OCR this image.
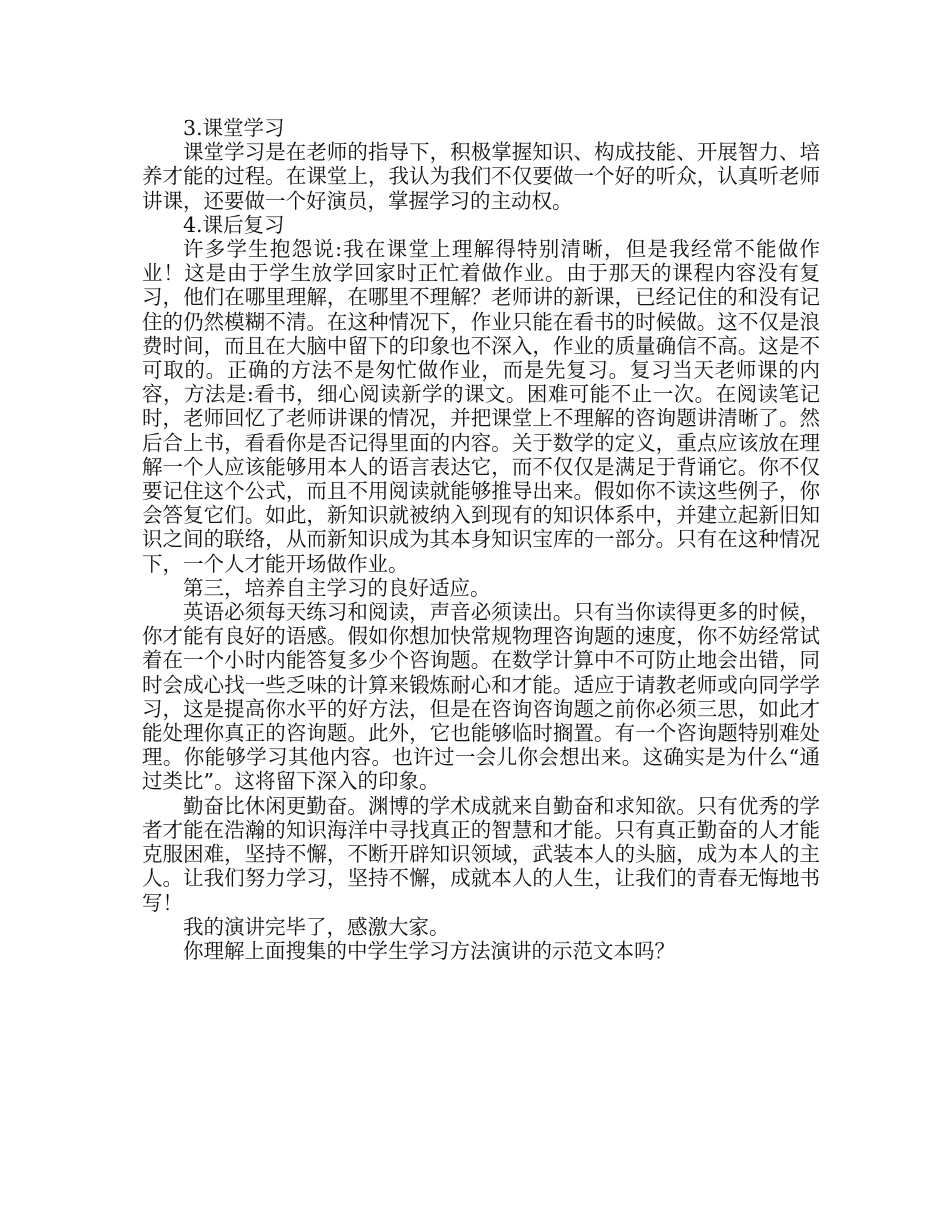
3.课堂学习

课堂学习是在老师的指导下，积极掌握知识、构成技能、开展智力、培养才能的过程。在课堂上，我认为我们不仅要做一个好的听众，认真听老师讲课，还要做一个好演员，掌握学习的主动权。

4.课后复习

许多学生抱怨说:我在课堂上理解得特别清晰，但是我经常不能做作业！这是由于学生放学回家时正忙着做作业。由于那天的课程内容没有复习，他们在哪里理解，在哪里不理解？老师讲的新课，已经记住的和没有记住的仍然模糊不清。在这种情况下，作业只能在看书的时候做。这不仅是浪费时间，而且在大脑中留下的印象也不深入，作业的质量确信不高。这是不可取的。正确的方法不是匆忙做作业，而是先复习。复习当天老师课的内容，方法是:看书，细心阅读新学的课文。困难可能不止一次。在阅读笔记时，老师回忆了老师讲课的情况，并把课堂上不理解的咨询题讲清晰了。然后合上书，看看你是否记得里面的内容。关于数学的定义，重点应该放在理解一个人应该能够用本人的语言表达它，而不仅仅是满足于背诵它。你不仅要记住这个公式，而且不用阅读就能够推导出来。假如你不读这些例子，你会答复它们。如此，新知识就被纳入到现有的知识体系中，并建立起新旧知识之间的联络，从而新知识成为其本身知识宝库的一部分。只有在这种情况下，一个人才能开场做作业。

第三，培养自主学习的良好适应。

英语必须每天练习和阅读，声音必须读出。只有当你读得更多的时候，你才能有良好的语感。假如你想加快常规物理咨询题的速度，你不妨经常试着在一个小时内能答复多少个咨询题。在数学计算中不可防止地会出错，同时会成心找一些乏味的计算来锻炼耐心和才能。适应于请教老师或向同学学习，这是提高你水平的好方法，但是在咨询咨询题之前你必须三思，如此才能处理你真正的咨询题。此外，它也能够临时搁置。有一个咨询题特别难处理。你能够学习其他内容。也许过一会儿你会想出来。这确实是为什么“通过类比”。这将留下深入的印象。

勤奋比休闲更勤奋。渊博的学术成就来自勤奋和求知欲。只有优秀的学者才能在浩瀚的知识海洋中寻找真正的智慧和才能。只有真正勤奋的人才能克服困难，坚持不懈，不断开辟知识领域，武装本人的头脑，成为本人的主人。让我们努力学习，坚持不懈，成就本人的人生，让我们的青春无悔地书写！

我的演讲完毕了，感激大家。

你理解上面搜集的中学生学习方法演讲的示范文本吗？
